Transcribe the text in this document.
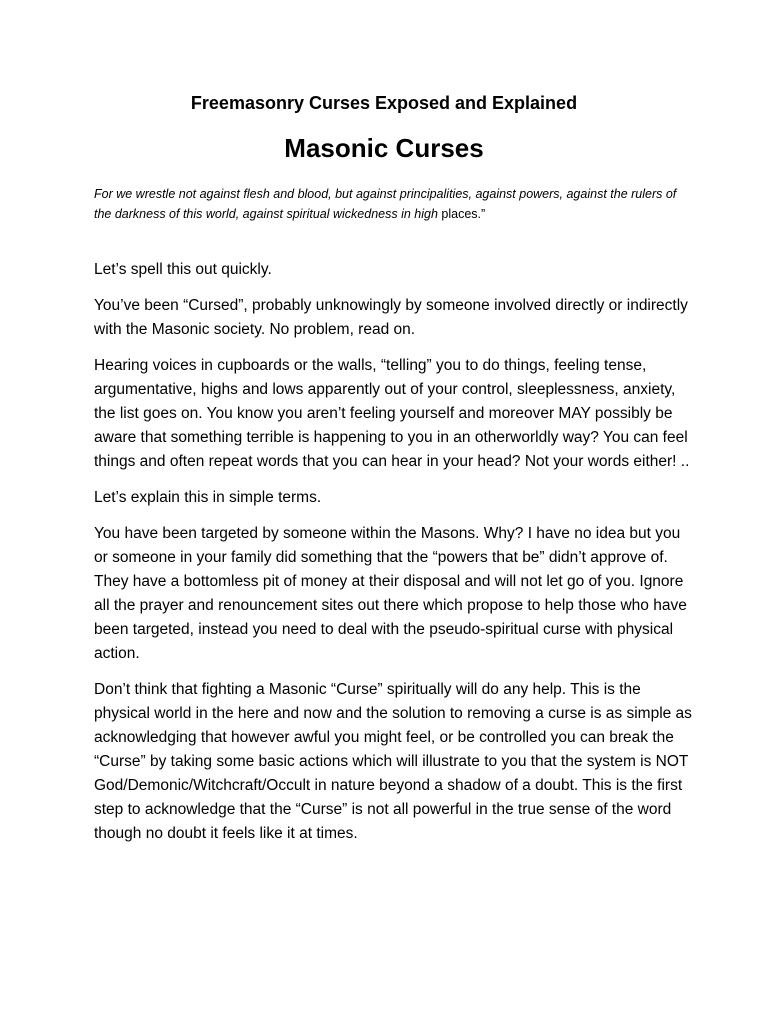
Freemasonry Curses Exposed and Explained
Masonic Curses

For we wrestle not against flesh and blood, but against principalities, against powers, against the rulers of the darkness of this world, against spiritual wickedness in high places.”

Let’s spell this out quickly.

You’ve been “Cursed”, probably unknowingly by someone involved directly or indirectly with the Masonic society. No problem, read on.

Hearing voices in cupboards or the walls, “telling” you to do things, feeling tense, argumentative, highs and lows apparently out of your control, sleeplessness, anxiety, the list goes on. You know you aren’t feeling yourself and moreover MAY possibly be aware that something terrible is happening to you in an otherworldly way? You can feel things and often repeat words that you can hear in your head? Not your words either! ..

Let’s explain this in simple terms.

You have been targeted by someone within the Masons. Why? I have no idea but you or someone in your family did something that the “powers that be” didn’t approve of. They have a bottomless pit of money at their disposal and will not let go of you. Ignore all the prayer and renouncement sites out there which propose to help those who have been targeted, instead you need to deal with the pseudo-spiritual curse with physical action.

Don’t think that fighting a Masonic “Curse” spiritually will do any help. This is the physical world in the here and now and the solution to removing a curse is as simple as acknowledging that however awful you might feel, or be controlled you can break the “Curse” by taking some basic actions which will illustrate to you that the system is NOT God/Demonic/Witchcraft/Occult in nature beyond a shadow of a doubt. This is the first step to acknowledge that the “Curse” is not all powerful in the true sense of the word though no doubt it feels like it at times.
